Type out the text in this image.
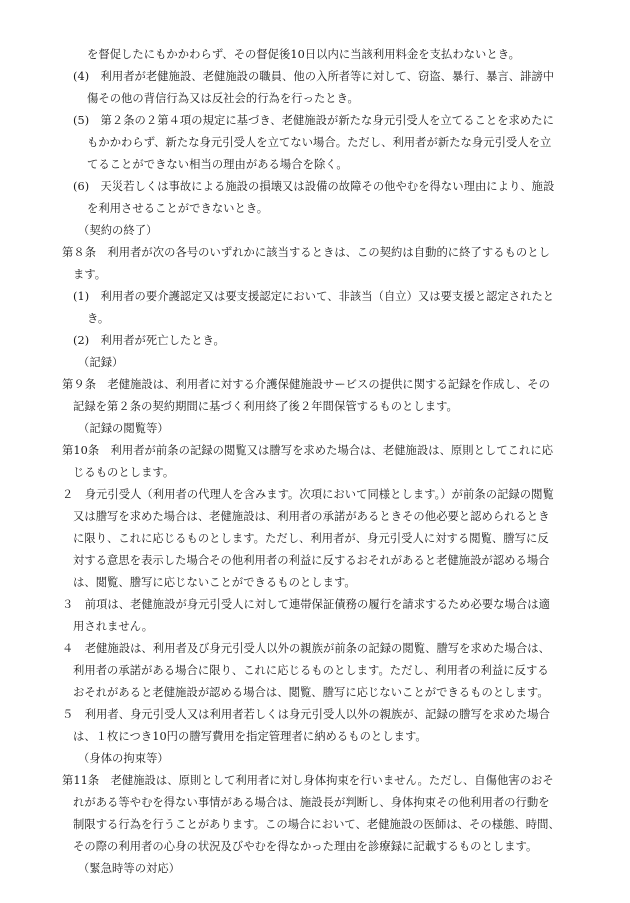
を督促したにもかかわらず、その督促後10日以内に当該利用料金を支払わないとき。
(4)　利用者が老健施設、老健施設の職員、他の入所者等に対して、窃盗、暴行、暴言、誹謗中
傷その他の背信行為又は反社会的行為を行ったとき。
(5)　第２条の２第４項の規定に基づき、老健施設が新たな身元引受人を立てることを求めたに
もかかわらず、新たな身元引受人を立てない場合。ただし、利用者が新たな身元引受人を立
てることができない相当の理由がある場合を除く。
(6)　天災若しくは事故による施設の損壊又は設備の故障その他やむを得ない理由により、施設
を利用させることができないとき。
（契約の終了）
第８条　利用者が次の各号のいずれかに該当するときは、この契約は自動的に終了するものとし
ます。
(1)　利用者の要介護認定又は要支援認定において、非該当（自立）又は要支援と認定されたと
き。
(2)　利用者が死亡したとき。
（記録）
第９条　老健施設は、利用者に対する介護保健施設サービスの提供に関する記録を作成し、その
記録を第２条の契約期間に基づく利用終了後２年間保管するものとします。
（記録の閲覧等）
第10条　利用者が前条の記録の閲覧又は謄写を求めた場合は、老健施設は、原則としてこれに応
じるものとします。
２　身元引受人（利用者の代理人を含みます。次項において同様とします。）が前条の記録の閲覧
又は謄写を求めた場合は、老健施設は、利用者の承諾があるときその他必要と認められるとき
に限り、これに応じるものとします。ただし、利用者が、身元引受人に対する閲覧、謄写に反
対する意思を表示した場合その他利用者の利益に反するおそれがあると老健施設が認める場合
は、閲覧、謄写に応じないことができるものとします。
３　前項は、老健施設が身元引受人に対して連帯保証債務の履行を請求するため必要な場合は適
用されません。
４　老健施設は、利用者及び身元引受人以外の親族が前条の記録の閲覧、謄写を求めた場合は、
利用者の承諾がある場合に限り、これに応じるものとします。ただし、利用者の利益に反する
おそれがあると老健施設が認める場合は、閲覧、謄写に応じないことができるものとします。
５　利用者、身元引受人又は利用者若しくは身元引受人以外の親族が、記録の謄写を求めた場合
は、１枚につき10円の謄写費用を指定管理者に納めるものとします。
（身体の拘束等）
第11条　老健施設は、原則として利用者に対し身体拘束を行いません。ただし、自傷他害のおそ
れがある等やむを得ない事情がある場合は、施設長が判断し、身体拘束その他利用者の行動を
制限する行為を行うことがあります。この場合において、老健施設の医師は、その様態、時間、
その際の利用者の心身の状況及びやむを得なかった理由を診療録に記載するものとします。
（緊急時等の対応）
